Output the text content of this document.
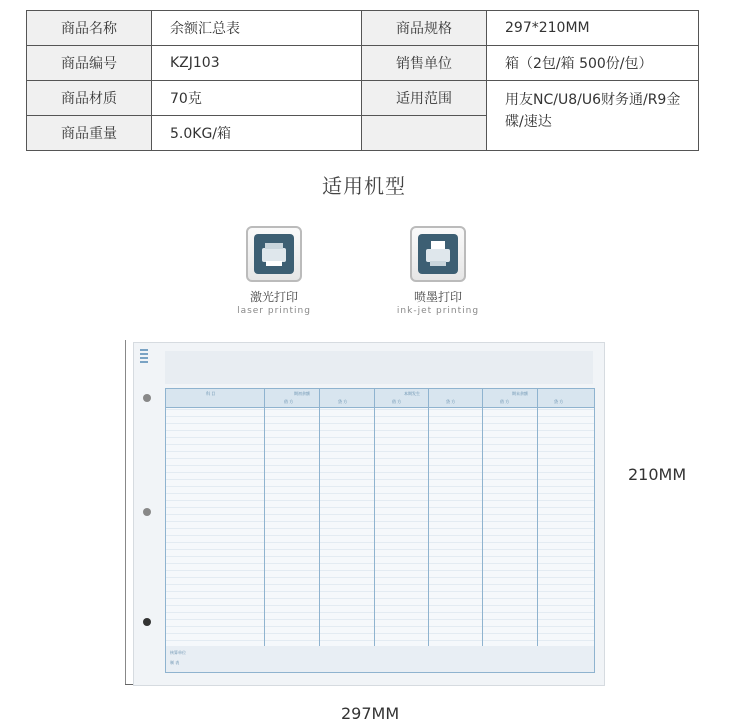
商品名称	余额汇总表	商品规格	297*210MM
商品编号	KZJ103	销售单位	箱（2包/箱 500份/包）
商品材质	70克	适用范围	用友NC/U8/U6财务通/R9金碟/速达
商品重量	5.0KG/箱		
适用机型
激光打印
laser printing
喷墨打印
ink-jet printing
科 目	期初余额	本期发生	期末余额
借 方	贷 方	借 方	贷 方	借 方	贷 方
核算单位
制 表
210MM
297MM
